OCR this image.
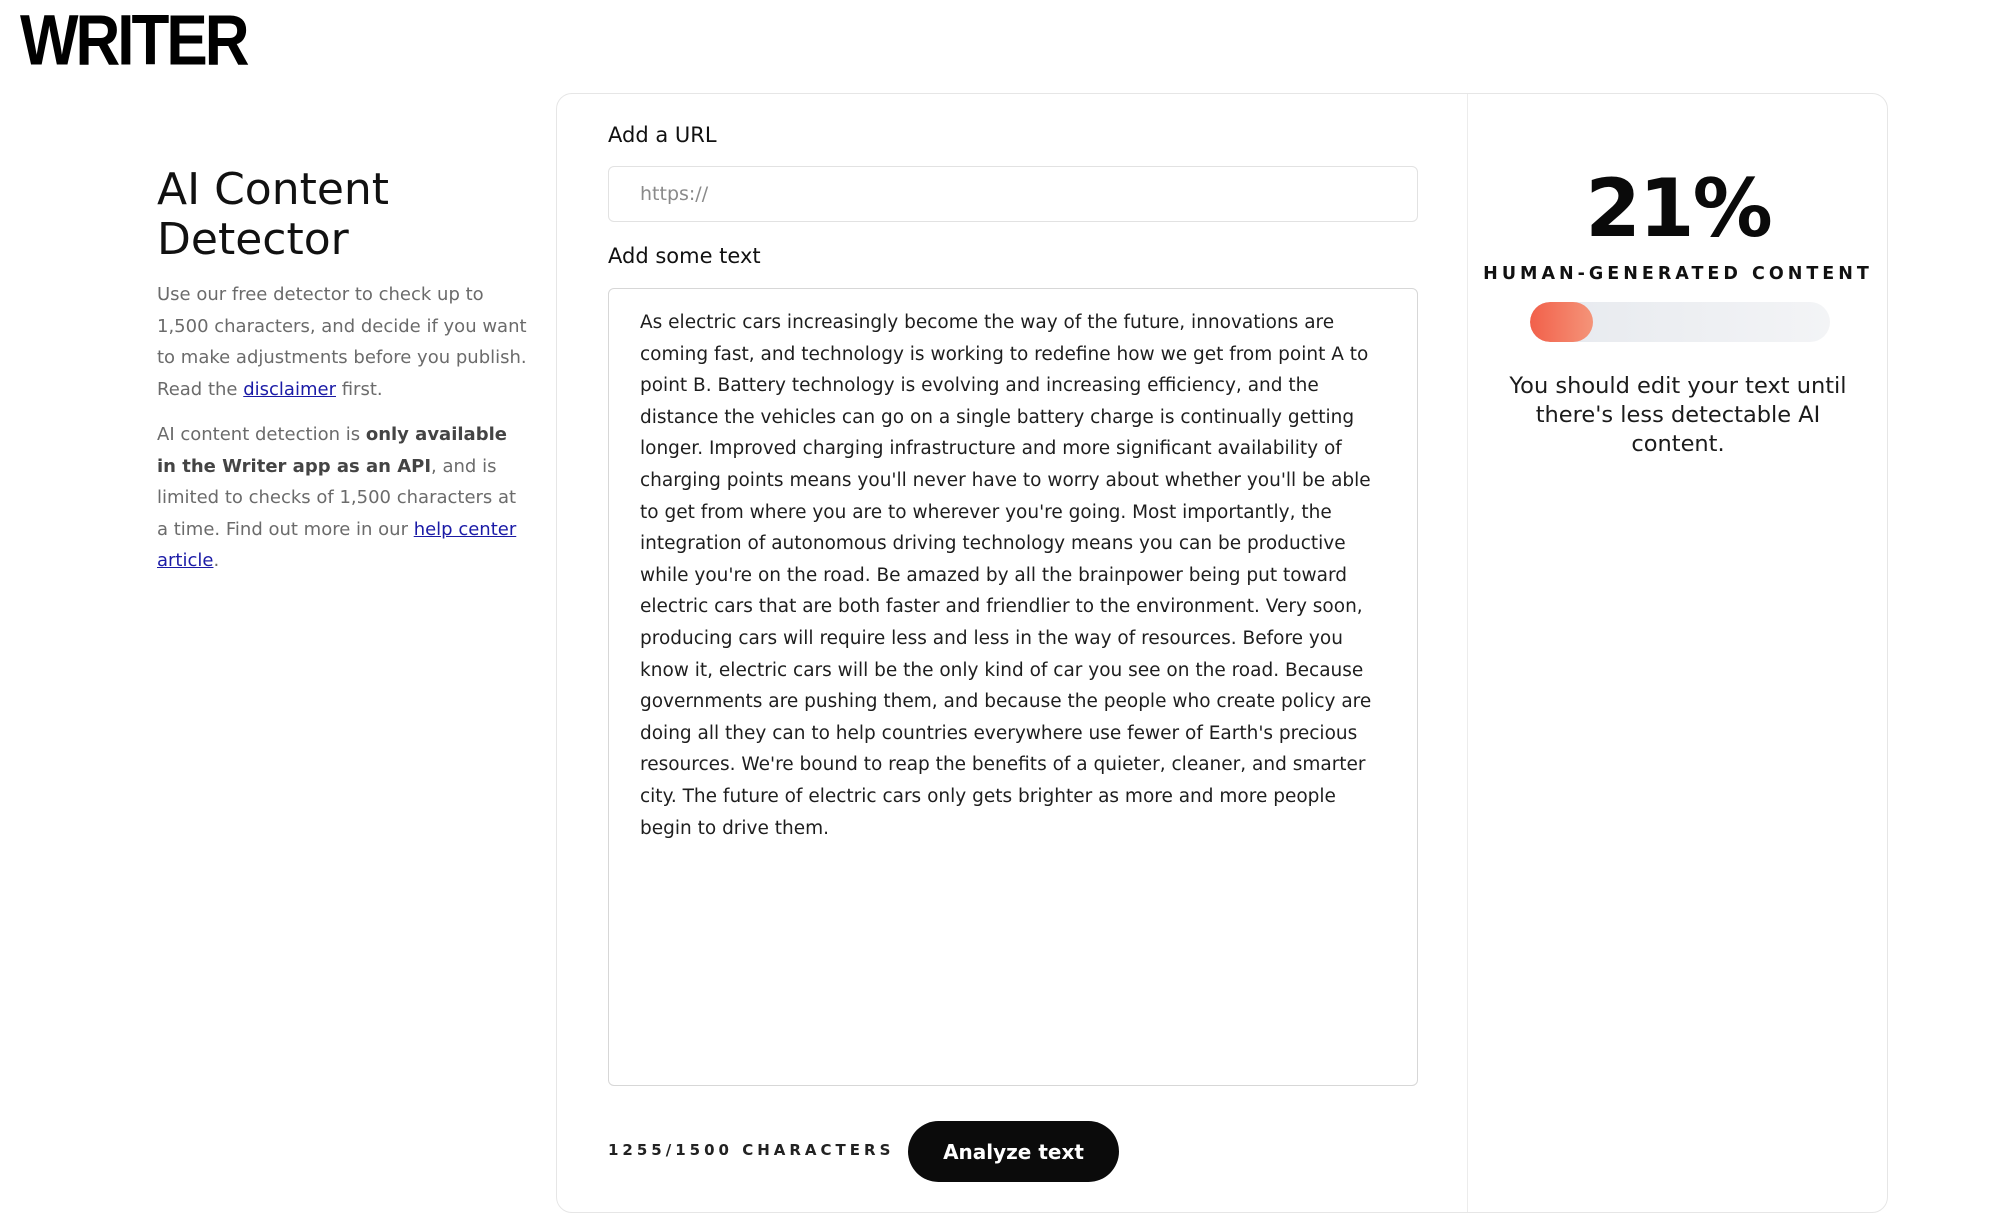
WRITER
AI Content Detector

Use our free detector to check up to 1,500 characters, and decide if you want to make adjustments before you publish. Read the disclaimer first.

AI content detection is only available in the Writer app as an API, and is limited to checks of 1,500 characters at a time. Find out more in our help center article.

Add a URL
https://
Add some text
As electric cars increasingly become the way of the future, innovations are coming fast, and technology is working to redefine how we get from point A to point B. Battery technology is evolving and increasing efficiency, and the distance the vehicles can go on a single battery charge is continually getting longer. Improved charging infrastructure and more significant availability of charging points means you'll never have to worry about whether you'll be able to get from where you are to wherever you're going. Most importantly, the integration of autonomous driving technology means you can be productive while you're on the road. Be amazed by all the brainpower being put toward electric cars that are both faster and friendlier to the environment. Very soon, producing cars will require less and less in the way of resources. Before you know it, electric cars will be the only kind of car you see on the road. Because governments are pushing them, and because the people who create policy are doing all they can to help countries everywhere use fewer of Earth's precious resources. We're bound to reap the benefits of a quieter, cleaner, and smarter city. The future of electric cars only gets brighter as more and more people begin to drive them.
1255/1500 CHARACTERS	Analyze text
21%
HUMAN-GENERATED CONTENT
You should edit your text until there's less detectable AI content.
